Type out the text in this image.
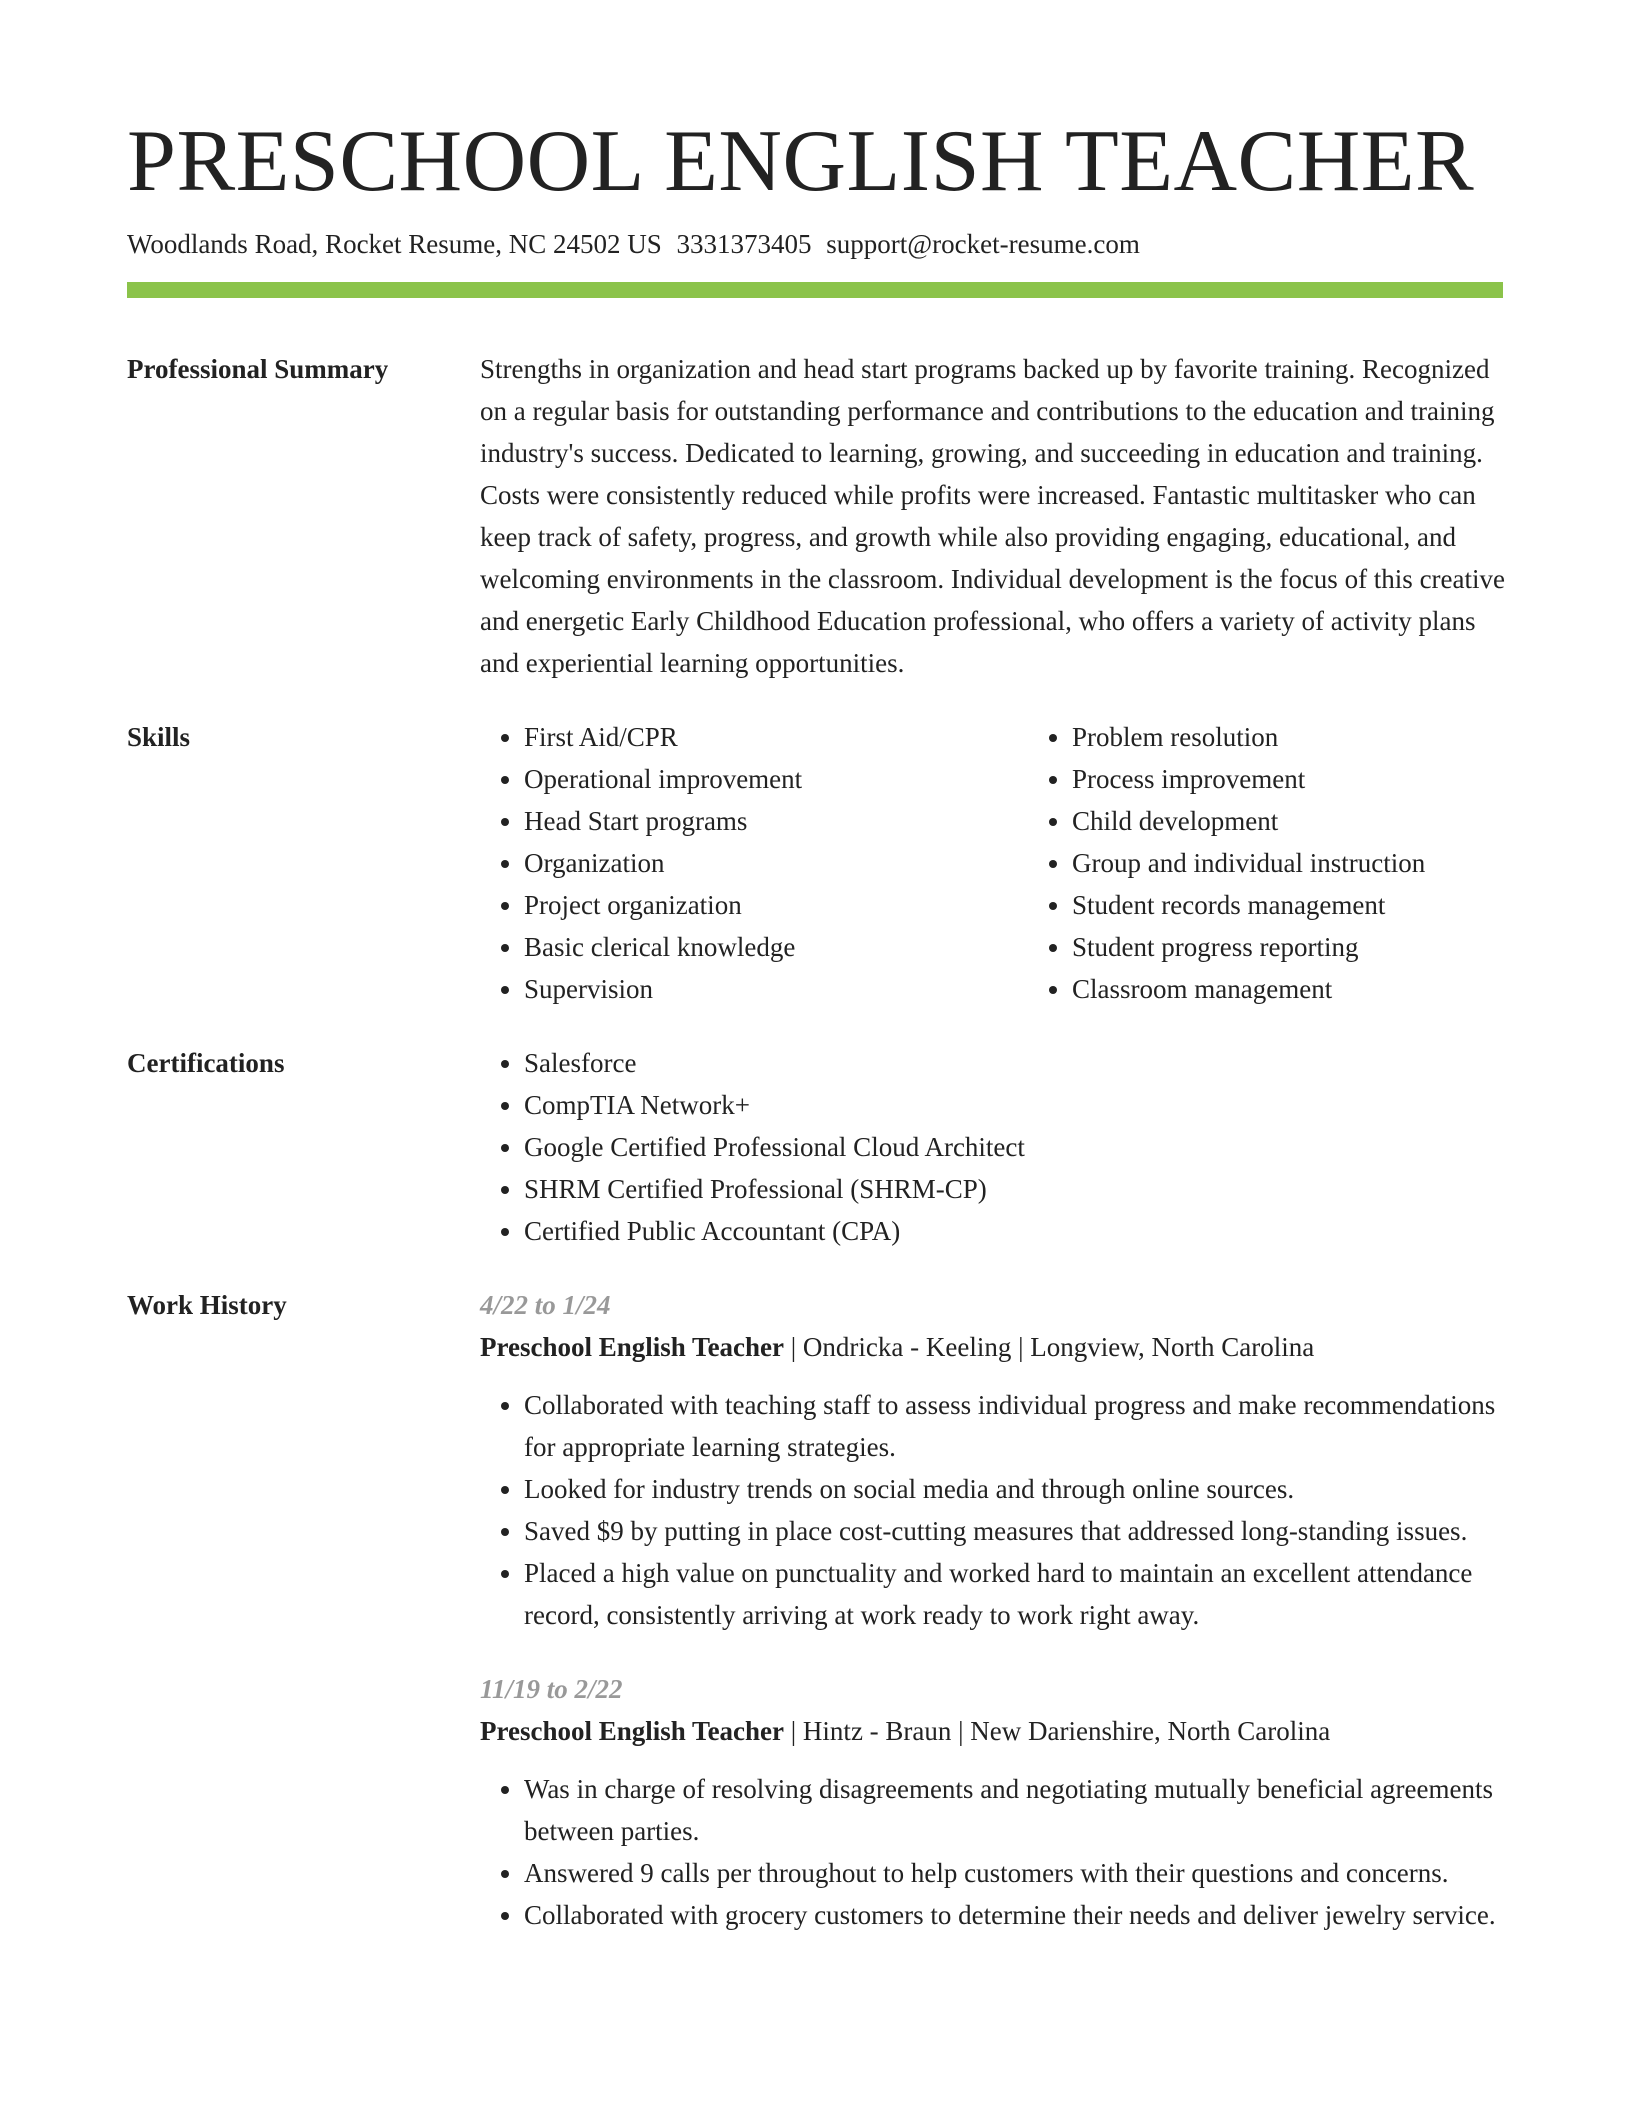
PRESCHOOL ENGLISH TEACHER
Woodlands Road, Rocket Resume, NC 24502 US 3331373405 support@rocket-resume.com
Professional Summary	Strengths in organization and head start programs backed up by favorite training. Recognized on a regular basis for outstanding performance and contributions to the education and training industry's success. Dedicated to learning, growing, and succeeding in education and training. Costs were consistently reduced while profits were increased. Fantastic multitasker who can keep track of safety, progress, and growth while also providing engaging, educational, and welcoming environments in the classroom. Individual development is the focus of this creative and energetic Early Childhood Education professional, who offers a variety of activity plans and experiential learning opportunities.
Skills	• First Aid/CPR
• Operational improvement
• Head Start programs
• Organization
• Project organization
• Basic clerical knowledge
• Supervision
• Problem resolution
• Process improvement
• Child development
• Group and individual instruction
• Student records management
• Student progress reporting
• Classroom management
Certifications	• Salesforce
• CompTIA Network+
• Google Certified Professional Cloud Architect
• SHRM Certified Professional (SHRM-CP)
• Certified Public Accountant (CPA)
Work History	4/22 to 1/24
Preschool English Teacher | Ondricka - Keeling | Longview, North Carolina
• Collaborated with teaching staff to assess individual progress and make recommendations for appropriate learning strategies.
• Looked for industry trends on social media and through online sources.
• Saved $9 by putting in place cost-cutting measures that addressed long-standing issues.
• Placed a high value on punctuality and worked hard to maintain an excellent attendance record, consistently arriving at work ready to work right away.
11/19 to 2/22
Preschool English Teacher | Hintz - Braun | New Darienshire, North Carolina
• Was in charge of resolving disagreements and negotiating mutually beneficial agreements between parties.
• Answered 9 calls per throughout to help customers with their questions and concerns.
• Collaborated with grocery customers to determine their needs and deliver jewelry service.
